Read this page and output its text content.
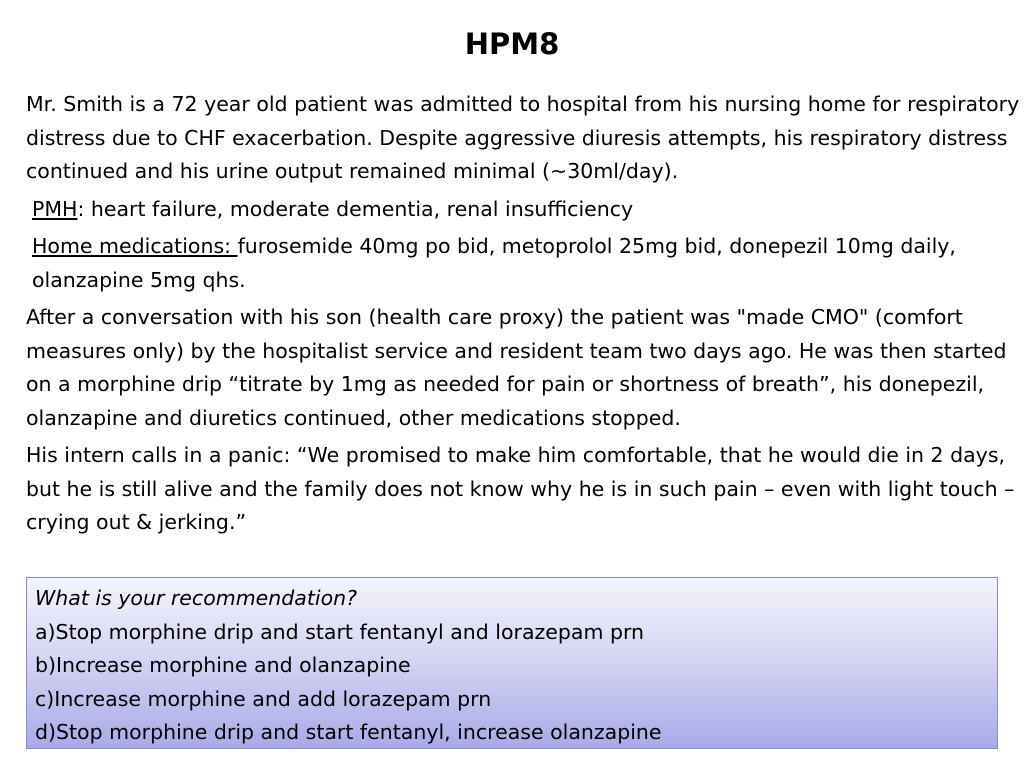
HPM8

Mr. Smith is a 72 year old patient was admitted to hospital from his nursing home for respiratory distress due to CHF exacerbation. Despite aggressive diuresis attempts, his respiratory distress continued and his urine output remained minimal (~30ml/day).

PMH: heart failure, moderate dementia, renal insufficiency

Home medications: furosemide 40mg po bid, metoprolol 25mg bid, donepezil 10mg daily, olanzapine 5mg qhs.

After a conversation with his son (health care proxy) the patient was "made CMO" (comfort measures only) by the hospitalist service and resident team two days ago. He was then started on a morphine drip “titrate by 1mg as needed for pain or shortness of breath”, his donepezil, olanzapine and diuretics continued, other medications stopped.

His intern calls in a panic: “We promised to make him comfortable, that he would die in 2 days, but he is still alive and the family does not know why he is in such pain – even with light touch – crying out & jerking.”

What is your recommendation?
a)Stop morphine drip and start fentanyl and lorazepam prn
b)Increase morphine and olanzapine
c)Increase morphine and add lorazepam prn
d)Stop morphine drip and start fentanyl, increase olanzapine
